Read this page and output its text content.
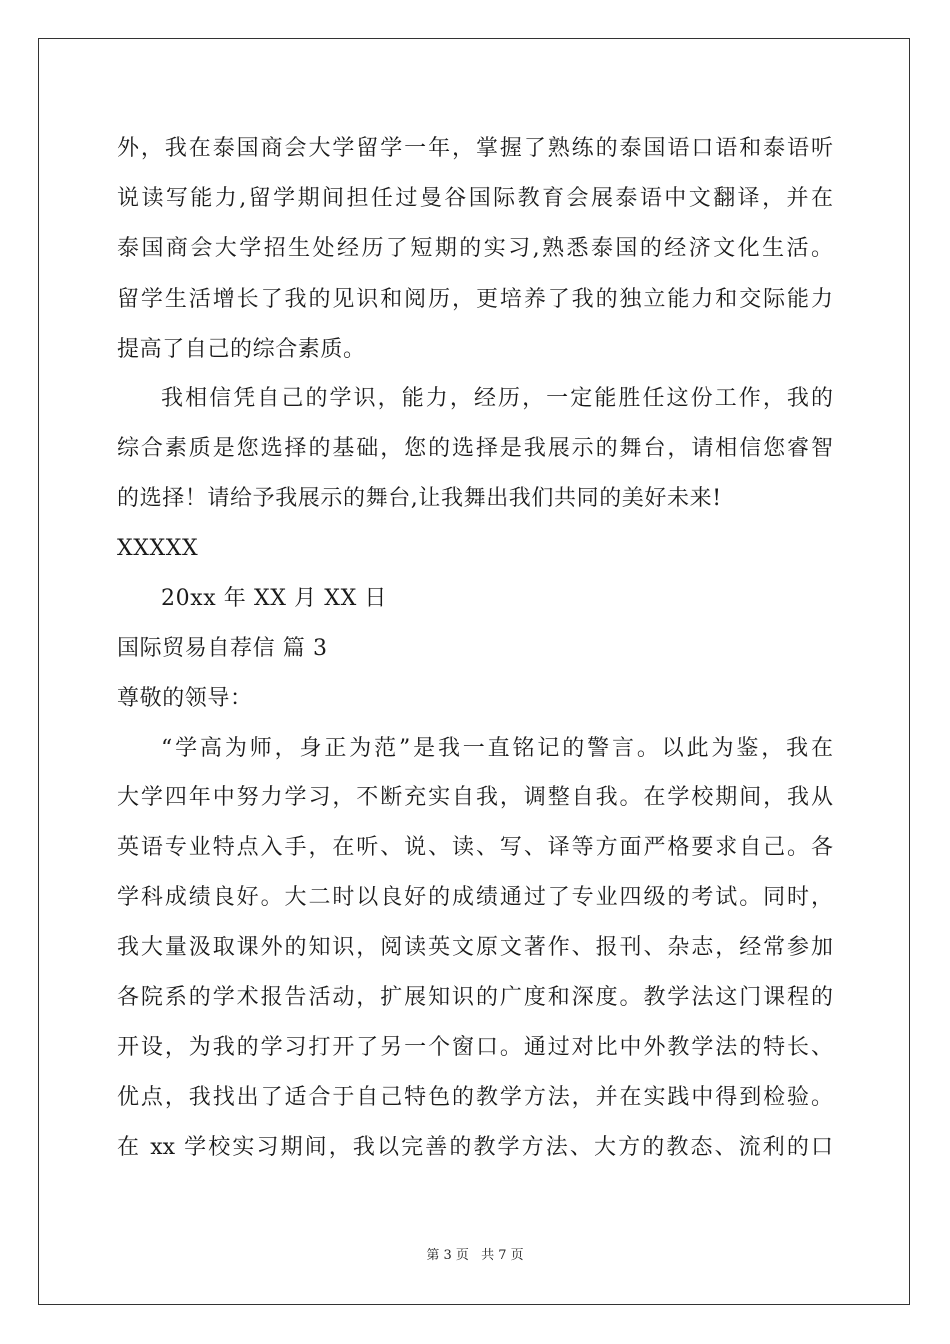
外，我在泰国商会大学留学一年，掌握了熟练的泰国语口语和泰语听
说读写能力,留学期间担任过曼谷国际教育会展泰语中文翻译，并在
泰国商会大学招生处经历了短期的实习,熟悉泰国的经济文化生活。
留学生活增长了我的见识和阅历，更培养了我的独立能力和交际能力
提高了自己的综合素质。
我相信凭自己的学识，能力，经历，一定能胜任这份工作，我的
综合素质是您选择的基础，您的选择是我展示的舞台，请相信您睿智
的选择！请给予我展示的舞台,让我舞出我们共同的美好未来!
XXXXX
20xx 年 XX 月 XX 日
国际贸易自荐信 篇 3
尊敬的领导：
“学高为师，身正为范”是我一直铭记的警言。以此为鉴，我在
大学四年中努力学习，不断充实自我，调整自我。在学校期间，我从
英语专业特点入手，在听、说、读、写、译等方面严格要求自己。各
学科成绩良好。大二时以良好的成绩通过了专业四级的考试。同时，
我大量汲取课外的知识，阅读英文原文著作、报刊、杂志，经常参加
各院系的学术报告活动，扩展知识的广度和深度。教学法这门课程的
开设，为我的学习打开了另一个窗口。通过对比中外教学法的特长、
优点，我找出了适合于自己特色的教学方法，并在实践中得到检验。
在 xx 学校实习期间，我以完善的教学方法、大方的教态、流利的口
第 3 页 共 7 页
